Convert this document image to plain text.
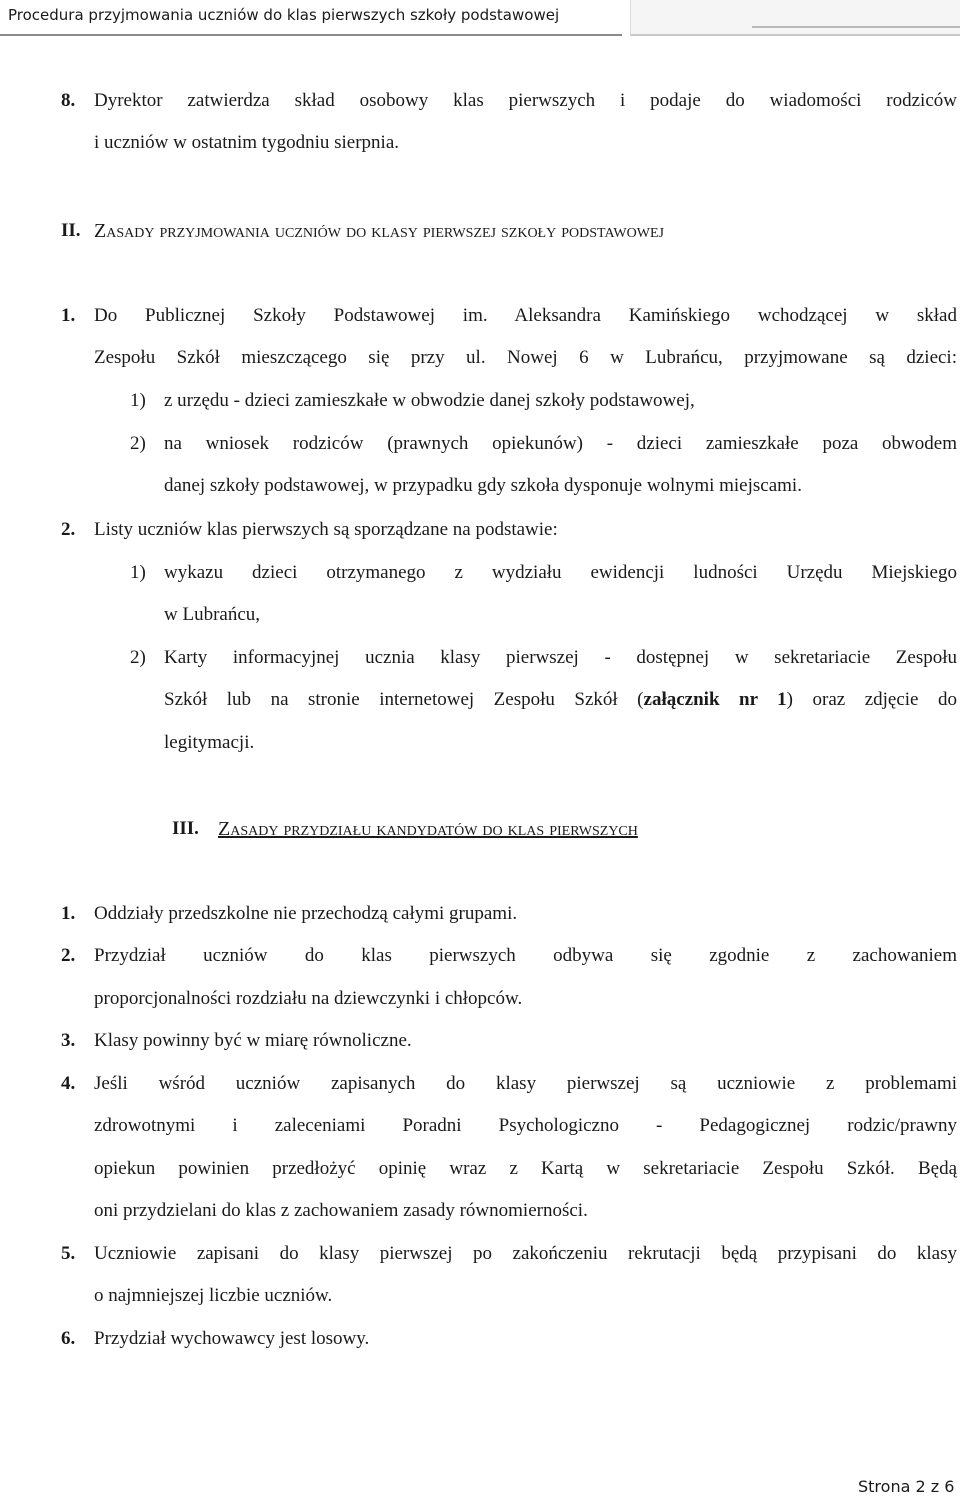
Procedura przyjmowania uczniów do klas pierwszych szkoły podstawowej
8. Dyrektor zatwierdza skład osobowy klas pierwszych i podaje do wiadomości rodziców
i uczniów w ostatnim tygodniu sierpnia.
II. Zasady przyjmowania uczniów do klasy pierwszej szkoły podstawowej
1. Do Publicznej Szkoły Podstawowej im. Aleksandra Kamińskiego wchodzącej w skład
Zespołu Szkół mieszczącego się przy ul. Nowej 6 w Lubrańcu, przyjmowane są dzieci:
1) z urzędu - dzieci zamieszkałe w obwodzie danej szkoły podstawowej,
2) na wniosek rodziców (prawnych opiekunów) - dzieci zamieszkałe poza obwodem
danej szkoły podstawowej, w przypadku gdy szkoła dysponuje wolnymi miejscami.
2. Listy uczniów klas pierwszych są sporządzane na podstawie:
1) wykazu dzieci otrzymanego z wydziału ewidencji ludności Urzędu Miejskiego
w Lubrańcu,
2) Karty informacyjnej ucznia klasy pierwszej - dostępnej w sekretariacie Zespołu
Szkół lub na stronie internetowej Zespołu Szkół (załącznik nr 1) oraz zdjęcie do
legitymacji.
III. Zasady przydziału kandydatów do klas pierwszych
1. Oddziały przedszkolne nie przechodzą całymi grupami.
2. Przydział uczniów do klas pierwszych odbywa się zgodnie z zachowaniem
proporcjonalności rozdziału na dziewczynki i chłopców.
3. Klasy powinny być w miarę równoliczne.
4. Jeśli wśród uczniów zapisanych do klasy pierwszej są uczniowie z problemami
zdrowotnymi i zaleceniami Poradni Psychologiczno - Pedagogicznej rodzic/prawny
opiekun powinien przedłożyć opinię wraz z Kartą w sekretariacie Zespołu Szkół. Będą
oni przydzielani do klas z zachowaniem zasady równomierności.
5. Uczniowie zapisani do klasy pierwszej po zakończeniu rekrutacji będą przypisani do klasy
o najmniejszej liczbie uczniów.
6. Przydział wychowawcy jest losowy.
Strona 2 z 6
